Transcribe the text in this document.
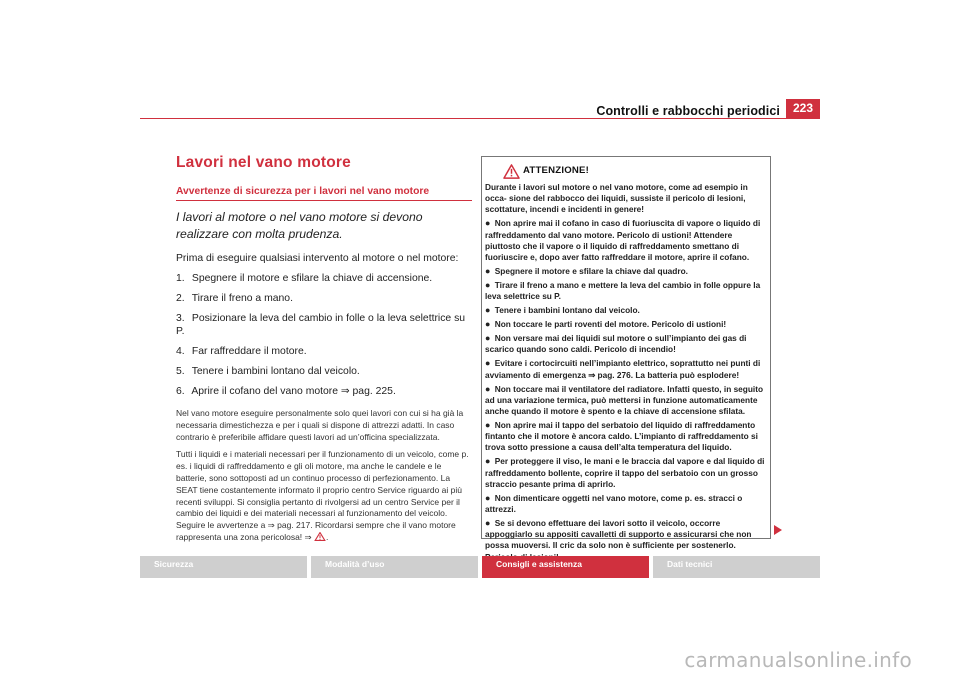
Controlli e rabbocchi periodici	223
Lavori nel vano motore
Avvertenze di sicurezza per i lavori nel vano motore

I lavori al motore o nel vano motore si devono realizzare con molta prudenza.

Prima di eseguire qualsiasi intervento al motore o nel motore:

1. Spegnere il motore e sfilare la chiave di accensione.
2. Tirare il freno a mano.
3. Posizionare la leva del cambio in folle o la leva selettrice su P.
4. Far raffreddare il motore.
5. Tenere i bambini lontano dal veicolo.
6. Aprire il cofano del vano motore ⇒ pag. 225.

Nel vano motore eseguire personalmente solo quei lavori con cui si ha già la necessaria dimestichezza e per i quali si dispone di attrezzi adatti. In caso contrario è preferibile affidare questi lavori ad un’officina specializzata.

Tutti i liquidi e i materiali necessari per il funzionamento di un veicolo, come p. es. i liquidi di raffreddamento e gli oli motore, ma anche le candele e le batterie, sono sottoposti ad un continuo processo di perfezionamento. La SEAT tiene costantemente informato il proprio centro Service riguardo ai più recenti sviluppi. Si consiglia pertanto di rivolgersi ad un centro Service per il cambio dei liquidi e dei materiali necessari al funzionamento del veicolo. Seguire le avvertenze a ⇒ pag. 217. Ricordarsi sempre che il vano motore rappresenta una zona pericolosa! ⇒ .

ATTENZIONE!

Durante i lavori sul motore o nel vano motore, come ad esempio in occa- sione del rabbocco dei liquidi, sussiste il pericolo di lesioni, scottature, incendi e incidenti in genere!

● Non aprire mai il cofano in caso di fuoriuscita di vapore o liquido di raffreddamento dal vano motore. Pericolo di ustioni! Attendere piuttosto che il vapore o il liquido di raffreddamento smettano di fuoriuscire e, dopo aver fatto raffreddare il motore, aprire il cofano.

● Spegnere il motore e sfilare la chiave dal quadro.

● Tirare il freno a mano e mettere la leva del cambio in folle oppure la leva selettrice su P.

● Tenere i bambini lontano dal veicolo.

● Non toccare le parti roventi del motore. Pericolo di ustioni!

● Non versare mai dei liquidi sul motore o sull’impianto dei gas di scarico quando sono caldi. Pericolo di incendio!

● Evitare i cortocircuiti nell’impianto elettrico, soprattutto nei punti di avviamento di emergenza ⇒ pag. 276. La batteria può esplodere!

● Non toccare mai il ventilatore del radiatore. Infatti questo, in seguito ad una variazione termica, può mettersi in funzione automaticamente anche quando il motore è spento e la chiave di accensione sfilata.

● Non aprire mai il tappo del serbatoio del liquido di raffreddamento fintanto che il motore è ancora caldo. L’impianto di raffreddamento si trova sotto pressione a causa dell’alta temperatura del liquido.

● Per proteggere il viso, le mani e le braccia dal vapore e dal liquido di raffreddamento bollente, coprire il tappo del serbatoio con un grosso straccio pesante prima di aprirlo.

● Non dimenticare oggetti nel vano motore, come p. es. stracci o attrezzi.

● Se si devono effettuare dei lavori sotto il veicolo, occorre appoggiarlo su appositi cavalletti di supporto e assicurarsi che non possa muoversi. Il cric da solo non è sufficiente per sostenerlo.

Sicurezza	Modalità d’uso	Consigli e assistenza	Dati tecnici
carmanualsonline.info
